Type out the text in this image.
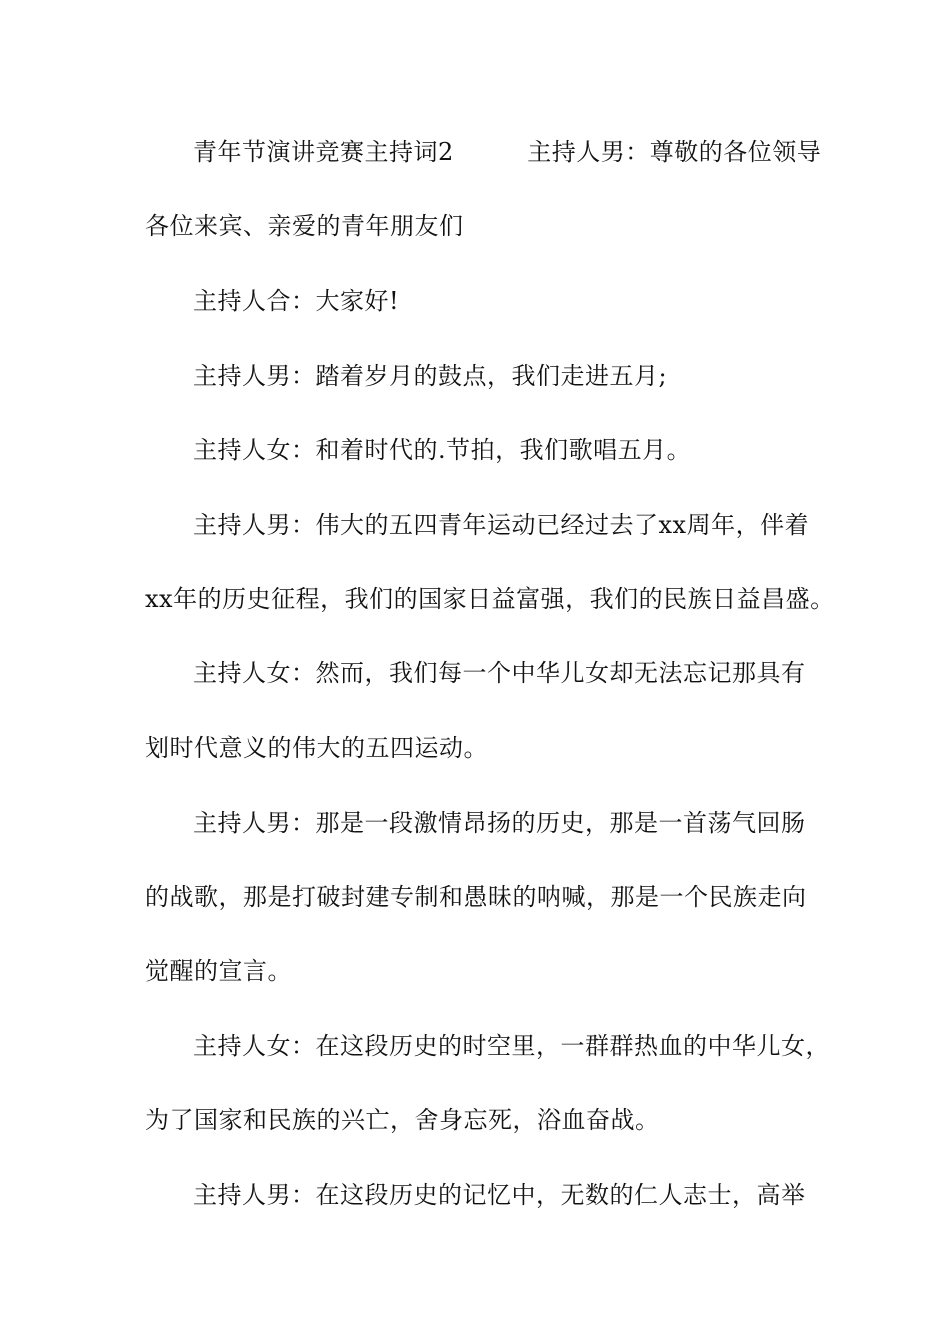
青年节演讲竞赛主持词2　　　主持人男：尊敬的各位领导
各位来宾、亲爱的青年朋友们
主持人合：大家好!
主持人男：踏着岁月的鼓点，我们走进五月;
主持人女：和着时代的.节拍，我们歌唱五月。
主持人男：伟大的五四青年运动已经过去了xx周年，伴着
xx年的历史征程，我们的国家日益富强，我们的民族日益昌盛。
主持人女：然而，我们每一个中华儿女却无法忘记那具有
划时代意义的伟大的五四运动。
主持人男：那是一段激情昂扬的历史，那是一首荡气回肠
的战歌，那是打破封建专制和愚昧的呐喊，那是一个民族走向
觉醒的宣言。
主持人女：在这段历史的时空里，一群群热血的中华儿女，
为了国家和民族的兴亡，舍身忘死，浴血奋战。
主持人男：在这段历史的记忆中，无数的仁人志士，高举
